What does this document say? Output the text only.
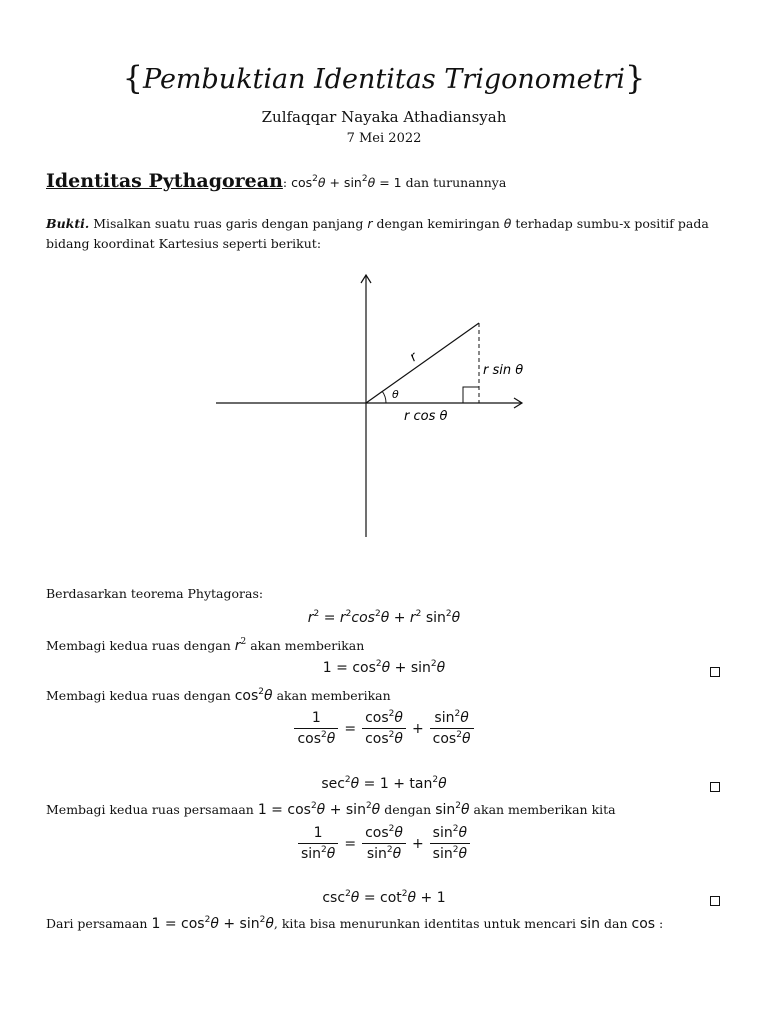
{Pembuktian Identitas Trigonometri}
Zulfaqqar Nayaka Athadiansyah
7 Mei 2022
Identitas Pythagorean: $\cos^2\theta + \sin^2\theta = 1$ dan turunannya
Bukti. Misalkan suatu ruas garis dengan panjang r dengan kemiringan θ terhadap sumbu-x positif pada
bidang koordinat Kartesius seperti berikut:
r
θ
r sin θ
r cos θ
Berdasarkan teorema Phytagoras:
$r^2 = r^2\cos^2\theta + r^2$ $\sin^2\theta$
Membagi kedua ruas dengan $r^2$ akan memberikan
$1 = \cos^2\theta + \sin^2\theta$
Membagi kedua ruas dengan $\cos^2\theta$ akan memberikan
$\frac{1}{\cos^2\theta} = \frac{\cos^2\theta}{\cos^2\theta} + \frac{\sin^2\theta}{\cos^2\theta}$
$\sec^2\theta = 1 + \tan^2\theta$
Membagi kedua ruas persamaan $1 = \cos^2\theta + \sin^2\theta$ dengan $\sin^2\theta$ akan memberikan kita
$\frac{1}{\sin^2\theta} = \frac{\cos^2\theta}{\sin^2\theta} + \frac{\sin^2\theta}{\sin^2\theta}$
$\csc^2\theta = \cot^2\theta + 1$
Dari persamaan $1 = \cos^2\theta + \sin^2\theta$, kita bisa menurunkan identitas untuk mencari sin dan cos :
